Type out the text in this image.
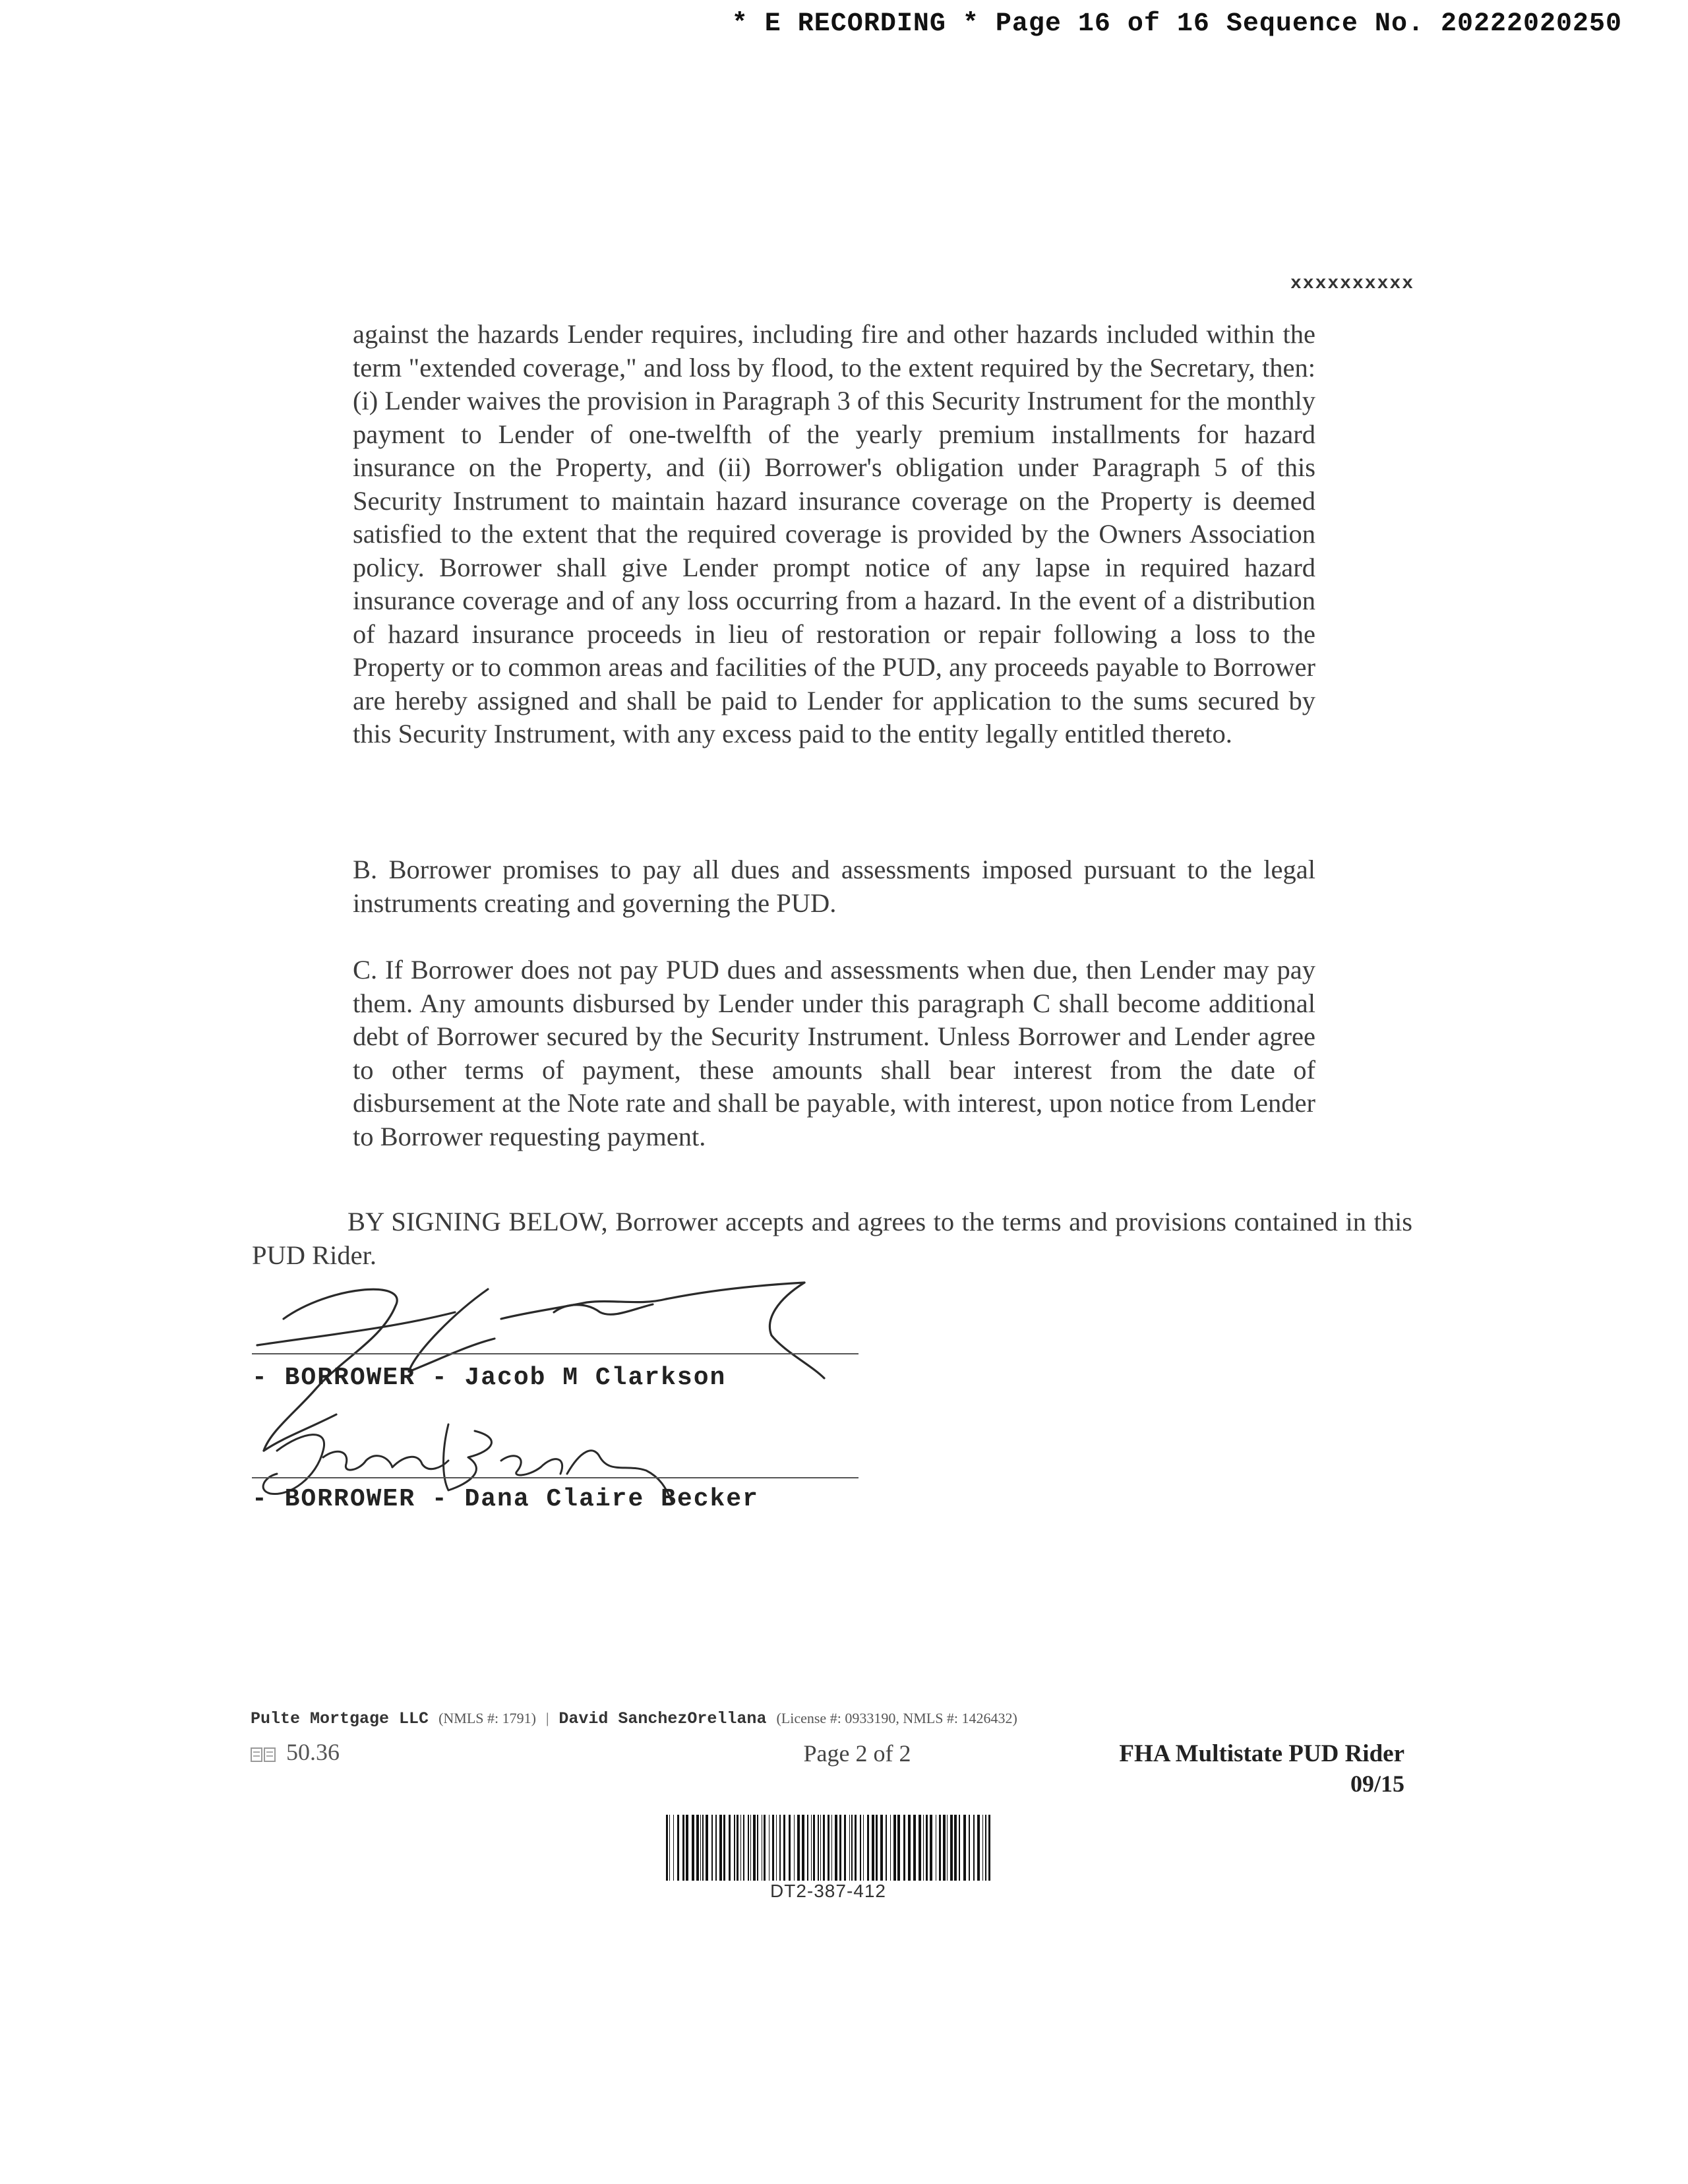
* E RECORDING * Page 16 of 16 Sequence No. 20222020250
xxxxxxxxxx
against the hazards Lender requires, including fire and other hazards included within the term "extended coverage," and loss by flood, to the extent required by the Secretary, then: (i) Lender waives the provision in Paragraph 3 of this Security Instrument for the monthly payment to Lender of one-twelfth of the yearly premium installments for hazard insurance on the Property, and (ii) Borrower's obligation under Paragraph 5 of this Security Instrument to maintain hazard insurance coverage on the Property is deemed satisfied to the extent that the required coverage is provided by the Owners Association policy. Borrower shall give Lender prompt notice of any lapse in required hazard insurance coverage and of any loss occurring from a hazard. In the event of a distribution of hazard insurance proceeds in lieu of restoration or repair following a loss to the Property or to common areas and facilities of the PUD, any proceeds payable to Borrower are hereby assigned and shall be paid to Lender for application to the sums secured by this Security Instrument, with any excess paid to the entity legally entitled thereto.
B. Borrower promises to pay all dues and assessments imposed pursuant to the legal instruments creating and governing the PUD.
C. If Borrower does not pay PUD dues and assessments when due, then Lender may pay them. Any amounts disbursed by Lender under this paragraph C shall become additional debt of Borrower secured by the Security Instrument. Unless Borrower and Lender agree to other terms of payment, these amounts shall bear interest from the date of disbursement at the Note rate and shall be payable, with interest, upon notice from Lender to Borrower requesting payment.
BY SIGNING BELOW, Borrower accepts and agrees to the terms and provisions contained in this PUD Rider.
- BORROWER - Jacob M Clarkson
- BORROWER - Dana Claire Becker
Pulte Mortgage LLC (NMLS #: 1791) | David SanchezOrellana (License #: 0933190, NMLS #: 1426432)
50.36	Page 2 of 2	FHA Multistate PUD Rider
09/15
DT2-387-412
